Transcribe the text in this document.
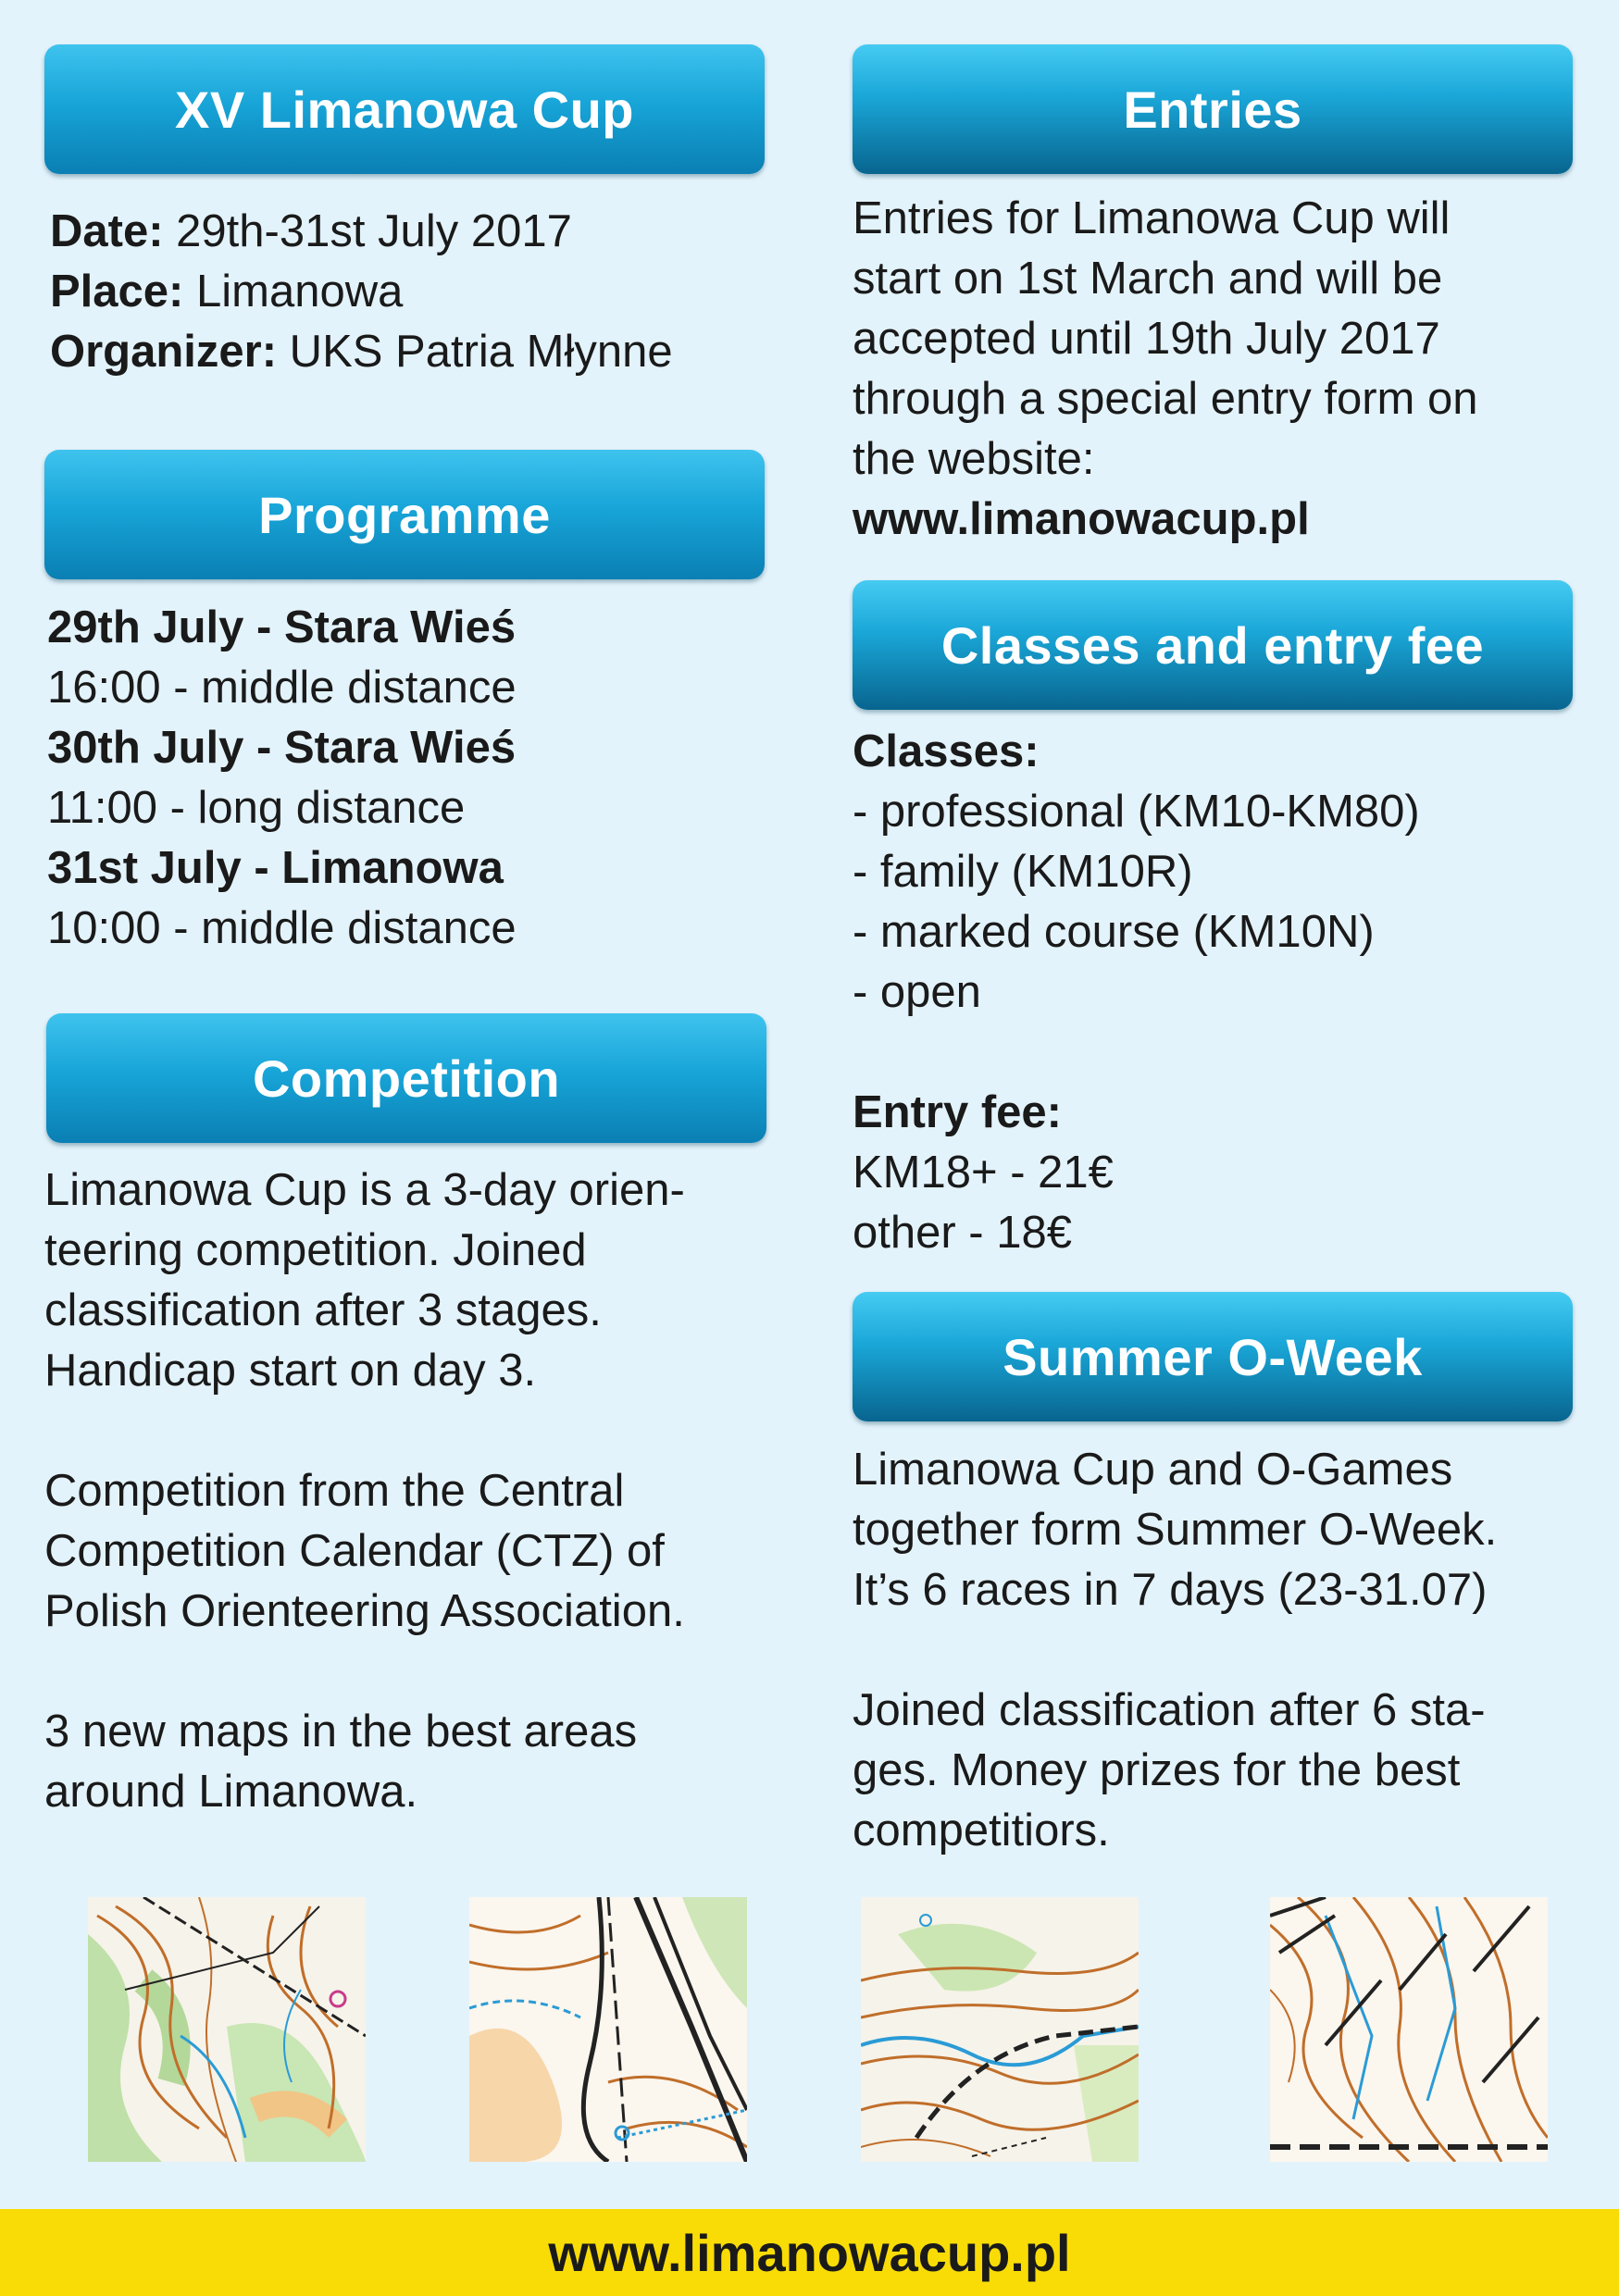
XV Limanowa Cup
Date: 29th-31st July 2017
Place: Limanowa
Organizer: UKS Patria Młynne
Programme
29th July - Stara Wieś
16:00 - middle distance
30th July - Stara Wieś
11:00 - long distance
31st July - Limanowa
10:00 - middle distance
Competition
Limanowa Cup is a 3-day orien-
teering competition. Joined
classification after 3 stages.
Handicap start on day 3.
Competition from the Central
Competition Calendar (CTZ) of
Polish Orienteering Association.
3 new maps in the best areas
around Limanowa.
Entries
Entries for Limanowa Cup will
start on 1st March and will be
accepted until 19th July 2017
through a special entry form on
the website:
www.limanowacup.pl
Classes and entry fee
Classes:
- professional (KM10-KM80)
- family (KM10R)
- marked course (KM10N)
- open
Entry fee:
KM18+ - 21€
other - 18€
Summer O-Week
Limanowa Cup and O-Games
together form Summer O-Week.
It’s 6 races in 7 days (23-31.07)
Joined classification after 6 sta-
ges. Money prizes for the best
competitiors.
www.limanowacup.pl
